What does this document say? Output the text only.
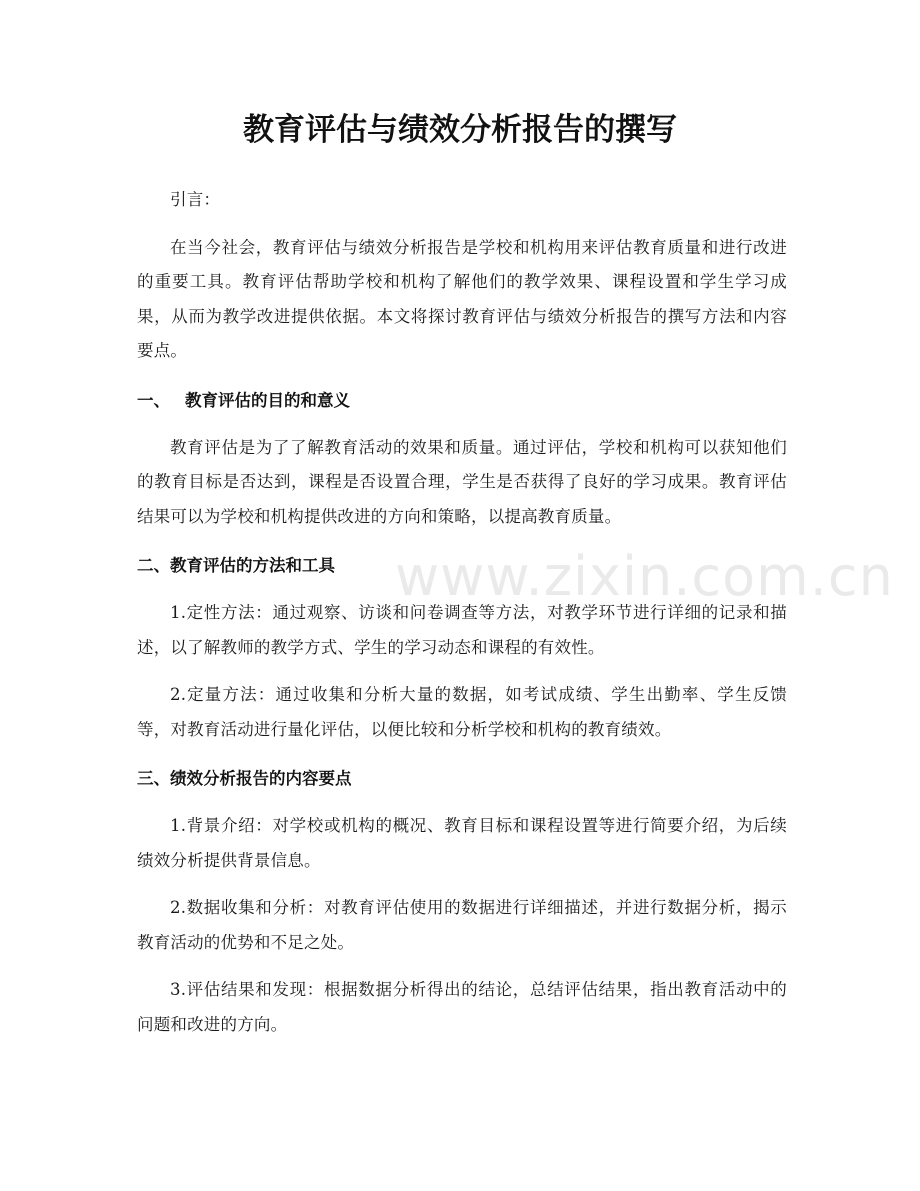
教育评估与绩效分析报告的撰写

引言：

在当今社会，教育评估与绩效分析报告是学校和机构用来评估教育质量和进行改进的重要工具。教育评估帮助学校和机构了解他们的教学效果、课程设置和学生学习成果，从而为教学改进提供依据。本文将探讨教育评估与绩效分析报告的撰写方法和内容要点。

一、 教育评估的目的和意义

教育评估是为了了解教育活动的效果和质量。通过评估，学校和机构可以获知他们的教育目标是否达到，课程是否设置合理，学生是否获得了良好的学习成果。教育评估结果可以为学校和机构提供改进的方向和策略，以提高教育质量。

二、教育评估的方法和工具

1.定性方法：通过观察、访谈和问卷调查等方法，对教学环节进行详细的记录和描述，以了解教师的教学方式、学生的学习动态和课程的有效性。

2.定量方法：通过收集和分析大量的数据，如考试成绩、学生出勤率、学生反馈等，对教育活动进行量化评估，以便比较和分析学校和机构的教育绩效。

三、绩效分析报告的内容要点

1.背景介绍：对学校或机构的概况、教育目标和课程设置等进行简要介绍，为后续绩效分析提供背景信息。

2.数据收集和分析：对教育评估使用的数据进行详细描述，并进行数据分析，揭示教育活动的优势和不足之处。

3.评估结果和发现：根据数据分析得出的结论，总结评估结果，指出教育活动中的问题和改进的方向。

www.zixin.com.cn
